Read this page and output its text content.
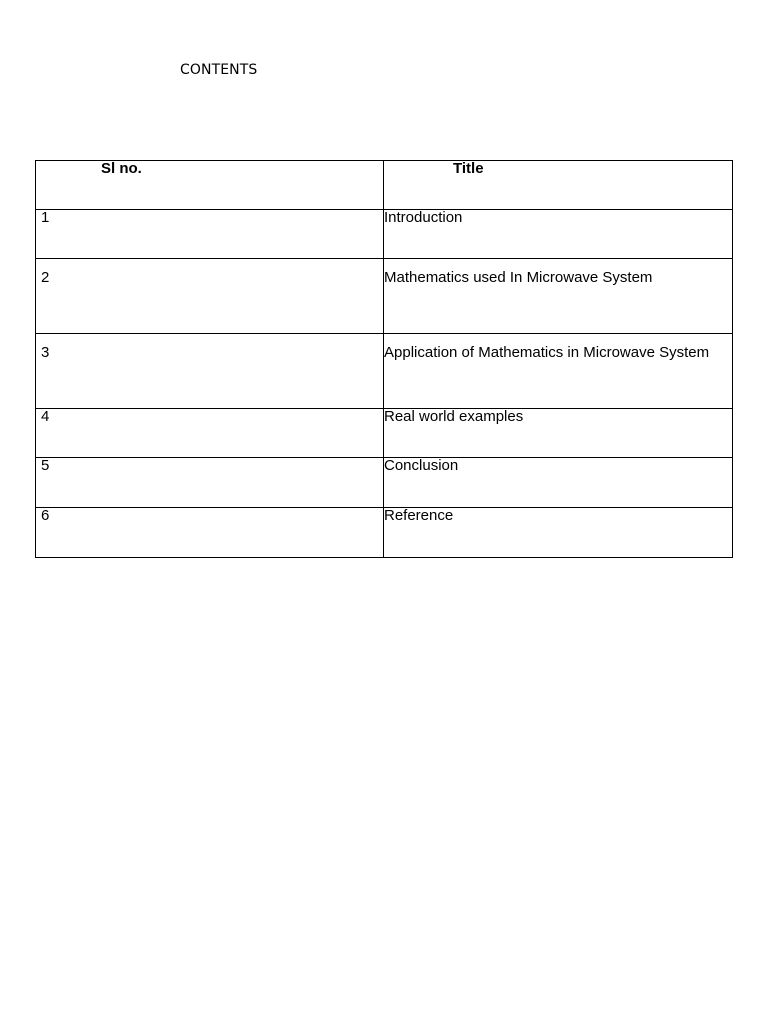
CONTENTS
Sl no.	Title
1	Introduction
2	Mathematics used In Microwave System
3	Application of Mathematics in Microwave System
4	Real world examples
5	Conclusion
6	Reference
